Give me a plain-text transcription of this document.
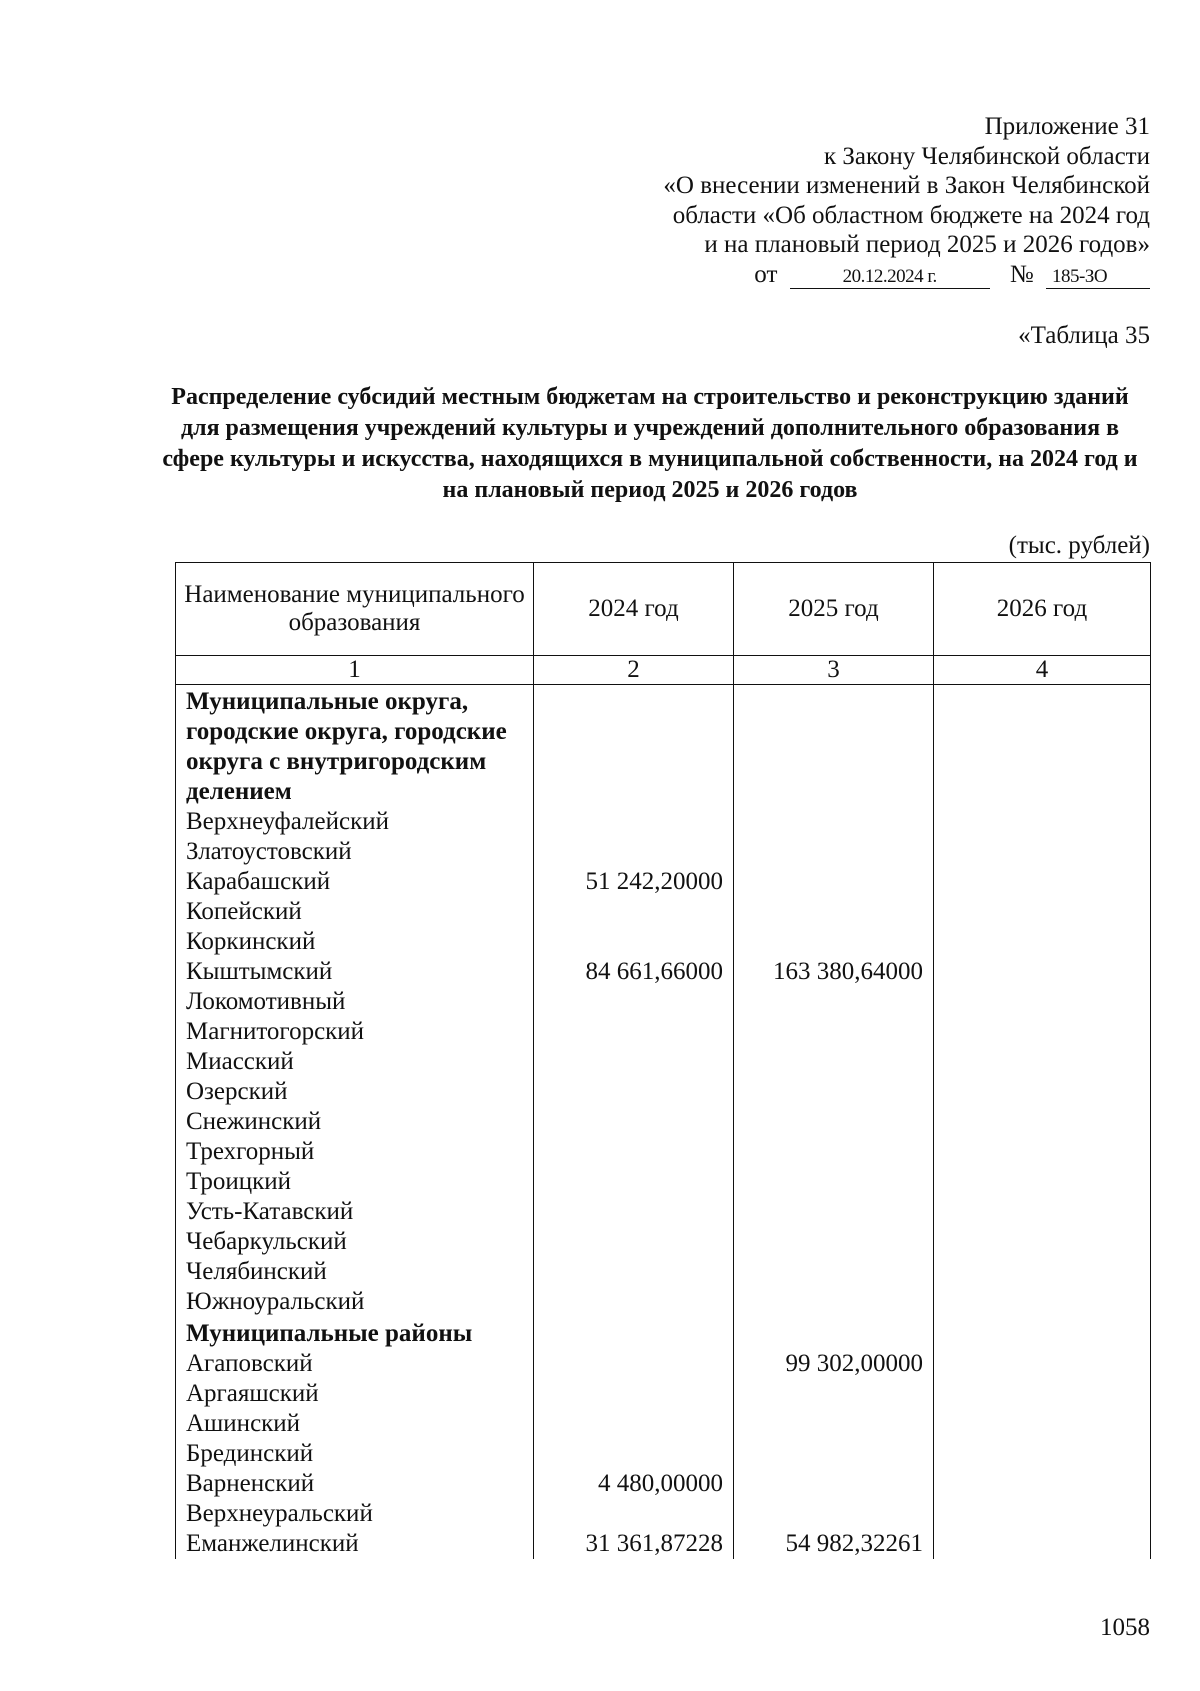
Приложение 31
к Закону Челябинской области
«О внесении изменений в Закон Челябинской
области «Об областном бюджете на 2024 год
и на плановый период 2025 и 2026 годов»
от	20.12.2024 г.	№ 185-ЗО
«Таблица 35
Распределение субсидий местным бюджетам на строительство и реконструкцию зданий для размещения учреждений культуры и учреждений дополнительного образования в сфере культуры и искусства, находящихся в муниципальной собственности, на 2024 год и на плановый период 2025 и 2026 годов
(тыс. рублей)
Наименование муниципального образования	2024 год	2025 год	2026 год
1	2	3	4
Муниципальные округа, городские округа, городские округа с внутригородским делением			
Верхнеуфалейский			
Златоустовский			
Карабашский	51 242,20000		
Копейский			
Коркинский			
Кыштымский	84 661,66000	163 380,64000	
Локомотивный			
Магнитогорский			
Миасский			
Озерский			
Снежинский			
Трехгорный			
Троицкий			
Усть-Катавский			
Чебаркульский			
Челябинский			
Южноуральский			
Муниципальные районы			
Агаповский		99 302,00000	
Аргаяшский			
Ашинский			
Брединский			
Варненский	4 480,00000		
Верхнеуральский			
Еманжелинский	31 361,87228	54 982,32261	
1058
